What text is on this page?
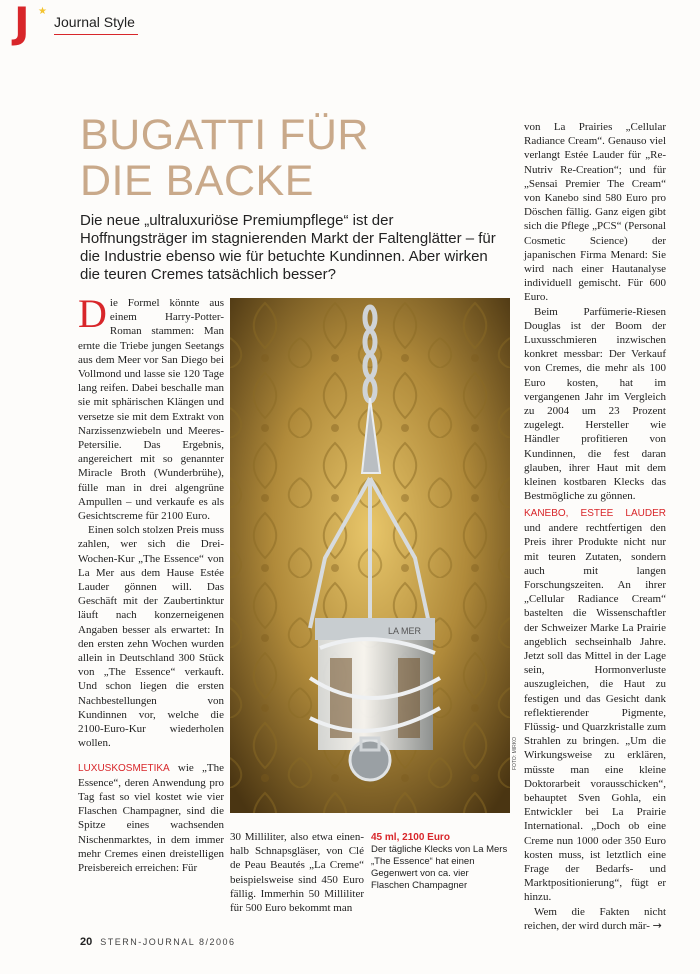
J ★
Journal Style
BUGATTI FÜR
DIE BACKE

Die neue „ultraluxuriöse Premiumpflege“ ist der Hoffnungsträger im stagnierenden Markt der Faltenglätter – für die Industrie ebenso wie für betuchte Kundinnen. Aber wirken die teuren Cremes tatsächlich besser?

Die Formel könnte aus einem Harry-Potter-Roman stammen: Man ernte die Triebe jungen Seetangs aus dem Meer vor San Diego bei Vollmond und lasse sie 120 Tage lang reifen. Dabei beschalle man sie mit sphärischen Klängen und versetze sie mit dem Extrakt von Narzissenzwiebeln und Meeres-Petersilie. Das Ergebnis, angereichert mit so genannter Miracle Broth (Wunderbrühe), fülle man in drei algengrüne Ampullen – und verkaufe es als Gesichtscreme für 2100 Euro.

Einen solch stolzen Preis muss zahlen, wer sich die Drei-Wochen-Kur „The Essence“ von La Mer aus dem Hause Estée Lauder gönnen will. Das Geschäft mit der Zaubertinktur läuft nach konzerneigenen Angaben besser als erwartet: In den ersten zehn Wochen wurden allein in Deutschland 300 Stück von „The Essence“ verkauft. Und schon liegen die ersten Nachbestellungen von Kundinnen vor, welche die 2100-Euro-Kur wiederholen wollen.

LUXUSKOSMETIKA wie „The Essence“, deren Anwendung pro Tag fast so viel kostet wie vier Flaschen Champagner, sind die Spitze eines wachsenden Nischenmarktes, in dem immer mehr Cremes einen dreistelligen Preisbereich erreichen: Für

LA MER
FOTO: MIRKO

30 Milliliter, also etwa einenhalb Schnapsgläser, von Clé de Peau Beautés „La Creme“ beispielsweise sind 450 Euro fällig. Immerhin 50 Milliliter für 500 Euro bekommt man

45 ml, 2100 Euro
Der tägliche Klecks von La Mers „The Essence“ hat einen Gegenwert von ca. vier Flaschen Champagner

von La Prairies „Cellular Radiance Cream“. Genauso viel verlangt Estée Lauder für „Re-Nutriv Re-Creation“; und für „Sensai Premier The Cream“ von Kanebo sind 580 Euro pro Döschen fällig. Ganz eigen gibt sich die Pflege „PCS“ (Personal Cosmetic Science) der japanischen Firma Menard: Sie wird nach einer Hautanalyse individuell gemischt. Für 600 Euro.

Beim Parfümerie-Riesen Douglas ist der Boom der Luxusschmieren inzwischen konkret messbar: Der Verkauf von Cremes, die mehr als 100 Euro kosten, hat im vergangenen Jahr im Vergleich zu 2004 um 23 Prozent zugelegt. Hersteller wie Händler profitieren von Kundinnen, die fest daran glauben, ihrer Haut mit dem kleinen kostbaren Klecks das Bestmögliche zu gönnen.

KANEBO, ESTEE LAUDER und andere rechtfertigen den Preis ihrer Produkte nicht nur mit teuren Zutaten, sondern auch mit langen Forschungszeiten. An ihrer „Cellular Radiance Cream“ bastelten die Wissenschaftler der Schweizer Marke La Prairie angeblich sechseinhalb Jahre. Jetzt soll das Mittel in der Lage sein, Hormonverluste auszugleichen, die Haut zu festigen und das Gesicht dank reflektierender Pigmente, Flüssig- und Quarzkristalle zum Strahlen zu bringen. „Um die Wirkungsweise zu erklären, müsste man eine kleine Doktorarbeit vorausschicken“, behauptet Sven Gohla, ein Entwickler bei La Prairie International. „Doch ob eine Creme nun 1000 oder 350 Euro kosten muss, ist letztlich eine Frage der Bedarfs- und Marktpositionierung“, fügt er hinzu.

Wem die Fakten nicht reichen, der wird durch mär- →

20 STERN-JOURNAL 8/2006
